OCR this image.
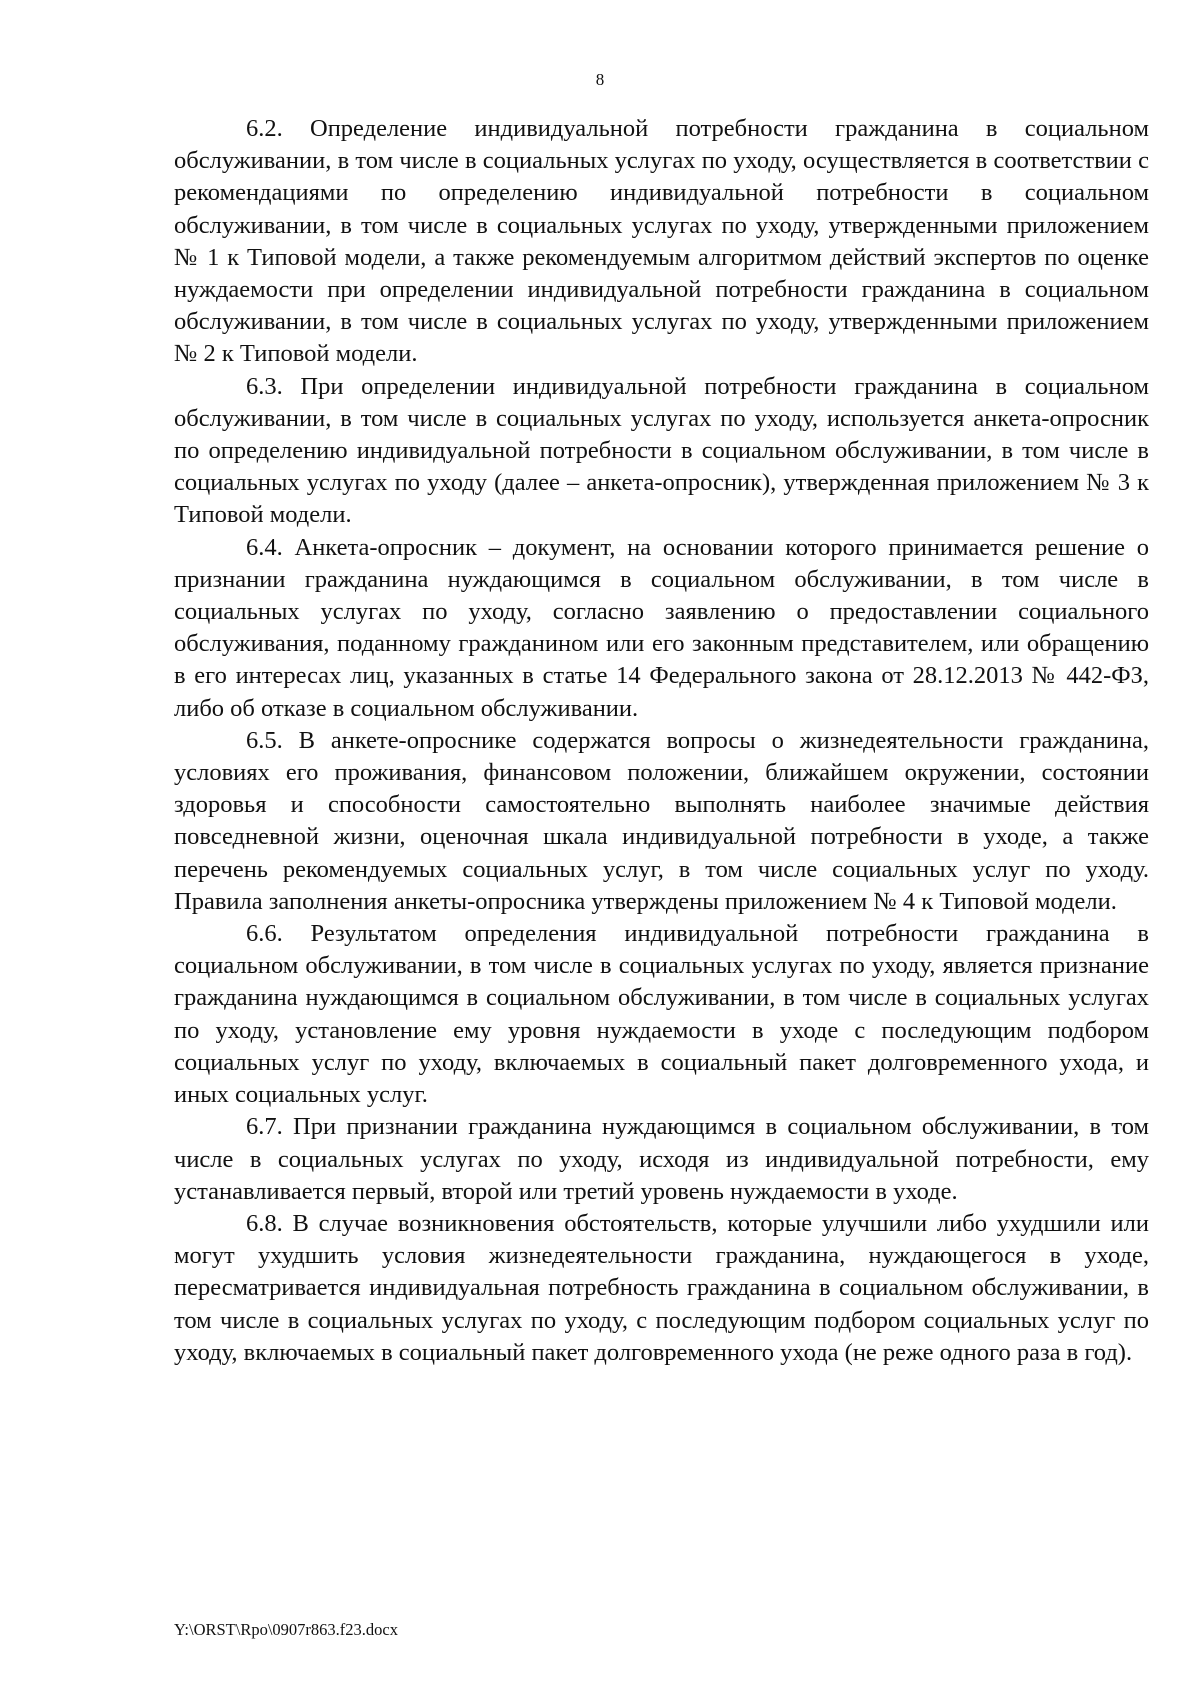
8

6.2. Определение индивидуальной потребности гражданина в социальном обслуживании, в том числе в социальных услугах по уходу, осуществляется в соответствии с рекомендациями по определению индивидуальной потребности в социальном обслуживании, в том числе в социальных услугах по уходу, утвержденными приложением № 1 к Типовой модели, а также рекомендуемым алгоритмом действий экспертов по оценке нуждаемости при определении индивидуальной потребности гражданина в социальном обслуживании, в том числе в социальных услугах по уходу, утвержденными приложением № 2 к Типовой модели.

6.3. При определении индивидуальной потребности гражданина в социальном обслуживании, в том числе в социальных услугах по уходу, используется анкета-опросник по определению индивидуальной потребности в социальном обслуживании, в том числе в социальных услугах по уходу (далее – анкета-опросник), утвержденная приложением № 3 к Типовой модели.

6.4. Анкета-опросник – документ, на основании которого принимается решение о признании гражданина нуждающимся в социальном обслуживании, в том числе в социальных услугах по уходу, согласно заявлению о предоставлении социального обслуживания, поданному гражданином или его законным представителем, или обращению в его интересах лиц, указанных в статье 14 Федерального закона от 28.12.2013 № 442-ФЗ, либо об отказе в социальном обслуживании.

6.5. В анкете-опроснике содержатся вопросы о жизнедеятельности гражданина, условиях его проживания, финансовом положении, ближайшем окружении, состоянии здоровья и способности самостоятельно выполнять наиболее значимые действия повседневной жизни, оценочная шкала индивидуальной потребности в уходе, а также перечень рекомендуемых социальных услуг, в том числе социальных услуг по уходу. Правила заполнения анкеты-опросника утверждены приложением № 4 к Типовой модели.

6.6. Результатом определения индивидуальной потребности гражданина в социальном обслуживании, в том числе в социальных услугах по уходу, является признание гражданина нуждающимся в социальном обслуживании, в том числе в социальных услугах по уходу, установление ему уровня нуждаемости в уходе с последующим подбором социальных услуг по уходу, включаемых в социальный пакет долговременного ухода, и иных социальных услуг.

6.7. При признании гражданина нуждающимся в социальном обслуживании, в том числе в социальных услугах по уходу, исходя из индивидуальной потребности, ему устанавливается первый, второй или третий уровень нуждаемости в уходе.

6.8. В случае возникновения обстоятельств, которые улучшили либо ухудшили или могут ухудшить условия жизнедеятельности гражданина, нуждающегося в уходе, пересматривается индивидуальная потребность гражданина в социальном обслуживании, в том числе в социальных услугах по уходу, с последующим подбором социальных услуг по уходу, включаемых в социальный пакет долговременного ухода (не реже одного раза в год).

Y:\ORST\Rpo\0907r863.f23.docx
